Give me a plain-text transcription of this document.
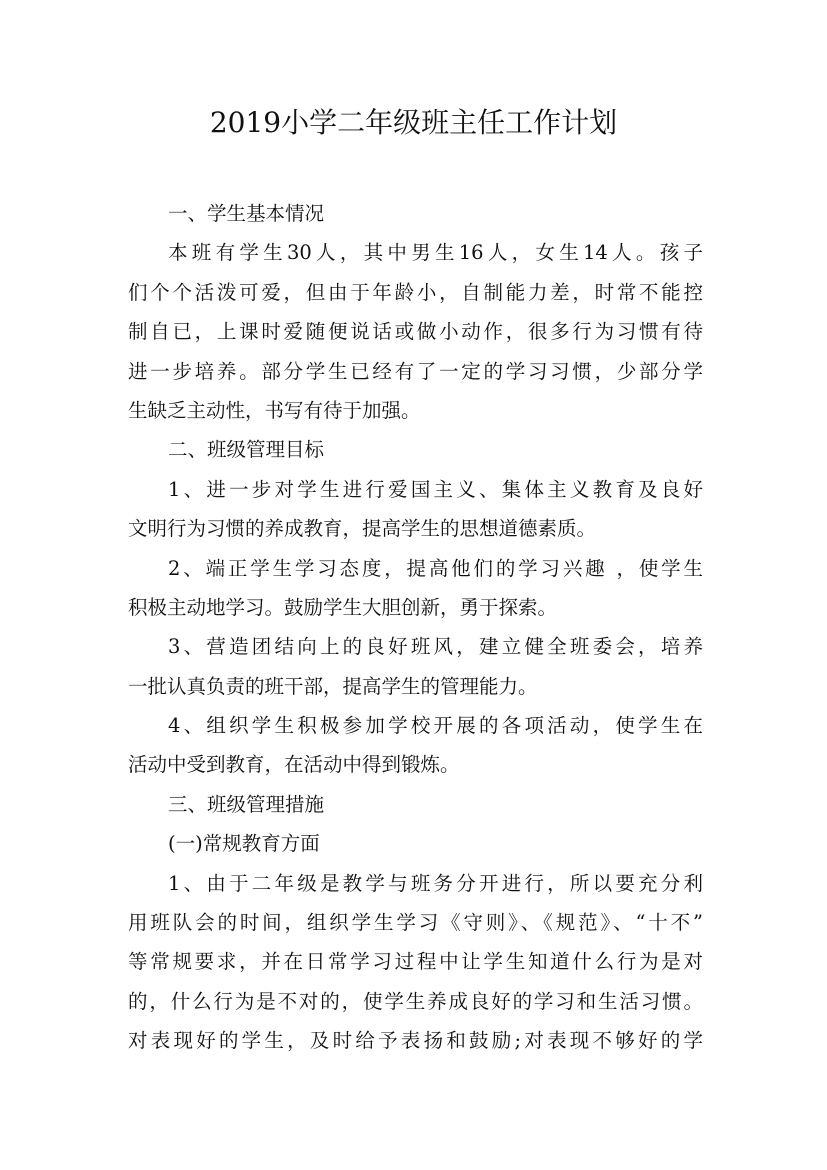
2019小学二年级班主任工作计划
一、学生基本情况
本班有学生30人，其中男生16人，女生14人。孩子
们个个活泼可爱，但由于年龄小，自制能力差，时常不能控
制自已，上课时爱随便说话或做小动作，很多行为习惯有待
进一步培养。部分学生已经有了一定的学习习惯，少部分学
生缺乏主动性，书写有待于加强。
二、班级管理目标
1、进一步对学生进行爱国主义、集体主义教育及良好
文明行为习惯的养成教育，提高学生的思想道德素质。
2、端正学生学习态度，提高他们的学习兴趣 ，使学生
积极主动地学习。鼓励学生大胆创新，勇于探索。
3、营造团结向上的良好班风，建立健全班委会，培养
一批认真负责的班干部，提高学生的管理能力。
4、组织学生积极参加学校开展的各项活动，使学生在
活动中受到教育，在活动中得到锻炼。
三、班级管理措施
(一)常规教育方面
1、由于二年级是教学与班务分开进行，所以要充分利
用班队会的时间，组织学生学习《守则》、《规范》、“十不”
等常规要求，并在日常学习过程中让学生知道什么行为是对
的，什么行为是不对的，使学生养成良好的学习和生活习惯。
对表现好的学生，及时给予表扬和鼓励;对表现不够好的学
